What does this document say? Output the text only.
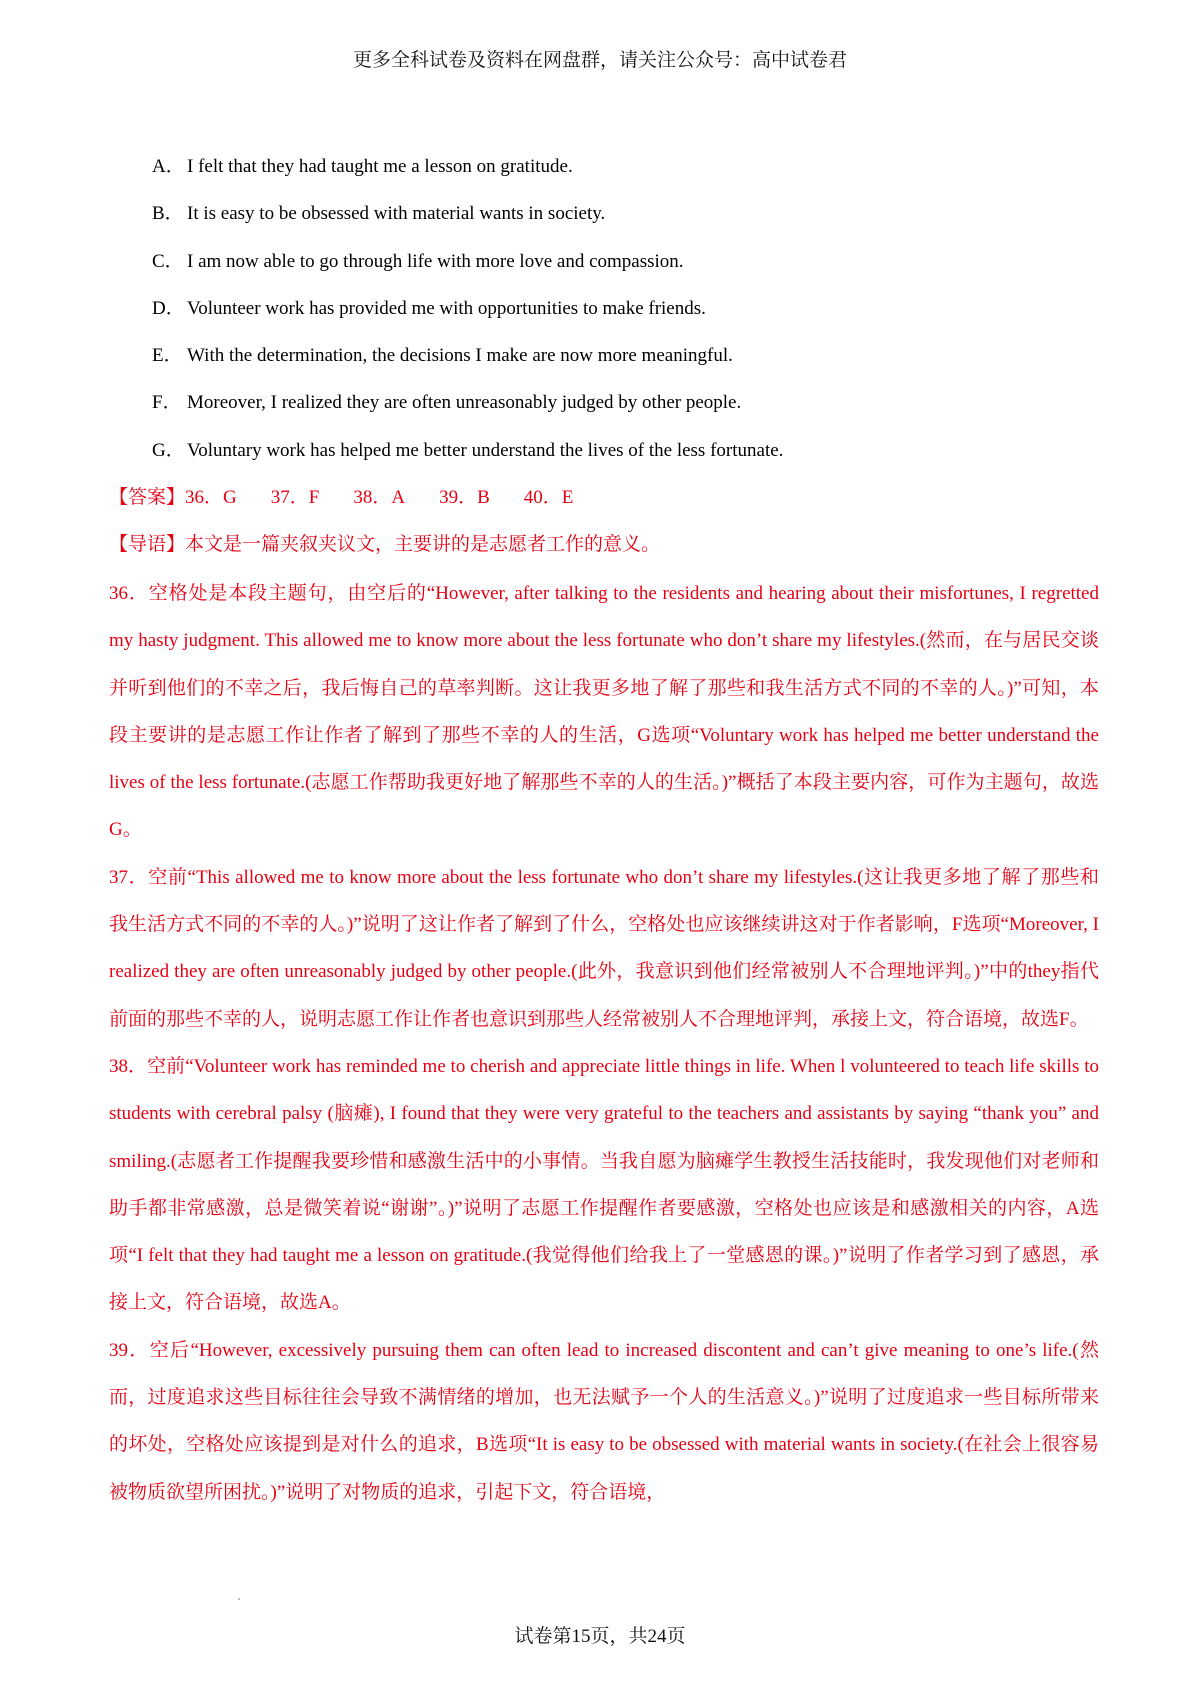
更多全科试卷及资料在网盘群，请关注公众号：高中试卷君
A． I felt that they had taught me a lesson on gratitude.
B． It is easy to be obsessed with material wants in society.
C． I am now able to go through life with more love and compassion.
D． Volunteer work has provided me with opportunities to make friends.
E． With the determination, the decisions I make are now more meaningful.
F． Moreover, I realized they are often unreasonably judged by other people.
G． Voluntary work has helped me better understand the lives of the less fortunate.
【答案】36．G 37．F 38．A 39．B 40．E
【导语】本文是一篇夹叙夹议文，主要讲的是志愿者工作的意义。

36．空格处是本段主题句，由空后的“However, after talking to the residents and hearing about their misfortunes, I regretted my hasty judgment. This allowed me to know more about the less fortunate who don’t share my lifestyles.(然而，在与居民交谈并听到他们的不幸之后，我后悔自己的草率判断。这让我更多地了解了那些和我生活方式不同的不幸的人。)”可知，本段主要讲的是志愿工作让作者了解到了那些不幸的人的生活，G选项“Voluntary work has helped me better understand the lives of the less fortunate.(志愿工作帮助我更好地了解那些不幸的人的生活。)”概括了本段主要内容，可作为主题句，故选G。

37．空前“This allowed me to know more about the less fortunate who don’t share my lifestyles.(这让我更多地了解了那些和我生活方式不同的不幸的人。)”说明了这让作者了解到了什么，空格处也应该继续讲这对于作者影响，F选项“Moreover, I realized they are often unreasonably judged by other people.(此外，我意识到他们经常被别人不合理地评判。)”中的they指代前面的那些不幸的人，说明志愿工作让作者也意识到那些人经常被别人不合理地评判，承接上文，符合语境，故选F。

38．空前“Volunteer work has reminded me to cherish and appreciate little things in life. When l volunteered to teach life skills to students with cerebral palsy (脑瘫), I found that they were very grateful to the teachers and assistants by saying “thank you” and smiling.(志愿者工作提醒我要珍惜和感激生活中的小事情。当我自愿为脑瘫学生教授生活技能时，我发现他们对老师和助手都非常感激，总是微笑着说“谢谢”。)”说明了志愿工作提醒作者要感激，空格处也应该是和感激相关的内容，A选项“I felt that they had taught me a lesson on gratitude.(我觉得他们给我上了一堂感恩的课。)”说明了作者学习到了感恩，承接上文，符合语境，故选A。

39．空后“However, excessively pursuing them can often lead to increased discontent and can’t give meaning to one’s life.(然而，过度追求这些目标往往会导致不满情绪的增加，也无法赋予一个人的生活意义。)”说明了过度追求一些目标所带来的坏处，空格处应该提到是对什么的追求，B选项“It is easy to be obsessed with material wants in society.(在社会上很容易被物质欲望所困扰。)”说明了对物质的追求，引起下文，符合语境，

试卷第15页，共24页
